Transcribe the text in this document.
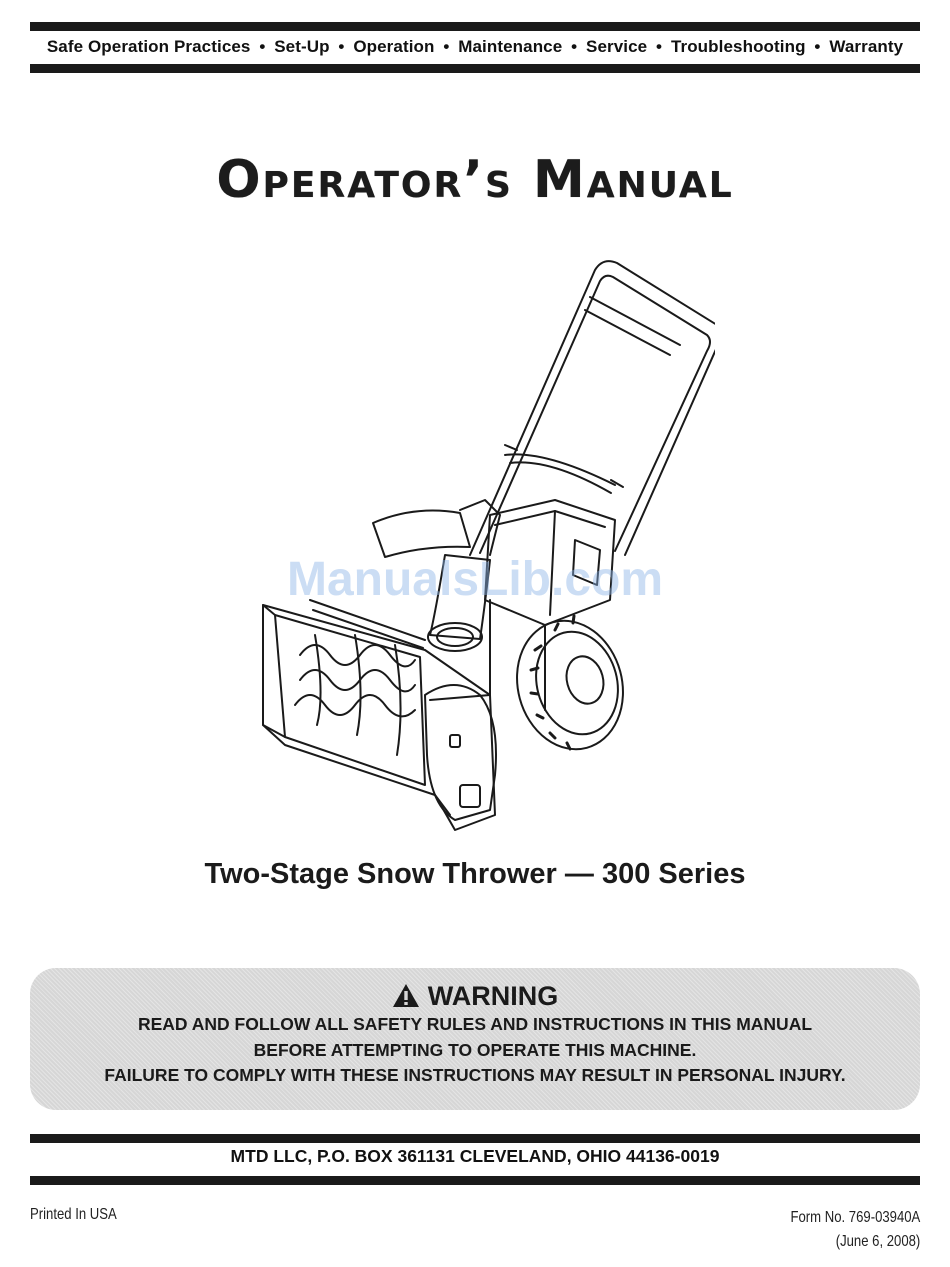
Safe Operation Practices • Set-Up • Operation • Maintenance • Service • Troubleshooting • Warranty
Operator’s Manual
ManualsLib.com
Two-Stage Snow Thrower — 300 Series
WARNING
READ AND FOLLOW ALL SAFETY RULES AND INSTRUCTIONS IN THIS MANUAL
BEFORE ATTEMPTING TO OPERATE THIS MACHINE.
FAILURE TO COMPLY WITH THESE INSTRUCTIONS MAY RESULT IN PERSONAL INJURY.
MTD LLC, P.O. BOX 361131 CLEVELAND, OHIO 44136-0019
Printed In USA	Form No. 769-03940A
(June 6, 2008)
